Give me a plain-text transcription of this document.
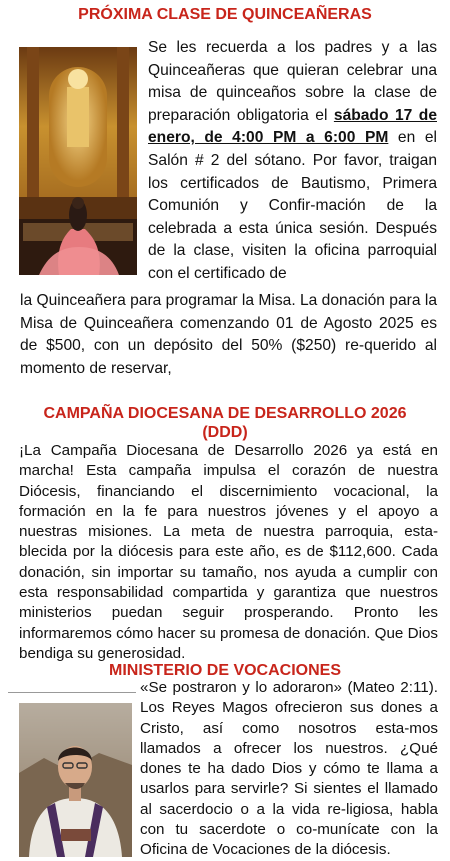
PRÓXIMA CLASE DE QUINCEAÑERAS

Se les recuerda a los padres y a las Quinceañeras que quieran celebrar una misa de quinceaños sobre la clase de preparación obligatoria el sábado 17 de enero, de 4:00 PM a 6:00 PM en el Salón # 2 del sótano. Por favor, traigan los certificados de Bautismo, Primera Comunión y Confir-mación de la celebrada a esta única sesión. Después de la clase, visiten la oficina parroquial con el certificado de

la Quinceañera para programar la Misa. La donación para la Misa de Quinceañera comenzando 01 de Agosto 2025 es de $500, con un depósito del 50% ($250) re-querido al momento de reservar,

CAMPAÑA DIOCESANA DE DESARROLLO 2026
(DDD)

¡La Campaña Diocesana de Desarrollo 2026 ya está en marcha! Esta campaña impulsa el corazón de nuestra Diócesis, financiando el discernimiento vocacional, la formación en la fe para nuestros jóvenes y el apoyo a nuestras misiones. La meta de nuestra parroquia, esta-blecida por la diócesis para este año, es de $112,600. Cada donación, sin importar su tamaño, nos ayuda a cumplir con esta responsabilidad compartida y garantiza que nuestros ministerios puedan seguir prosperando. Pronto les informaremos cómo hacer su promesa de donación. Que Dios bendiga su generosidad.

MINISTERIO DE VOCACIONES

«Se postraron y lo adoraron» (Mateo 2:11). Los Reyes Magos ofrecieron sus dones a Cristo, así como nosotros esta-mos llamados a ofrecer los nuestros. ¿Qué dones te ha dado Dios y cómo te llama a usarlos para servirle? Si sientes el llamado al sacerdocio o a la vida re-ligiosa, habla con tu sacerdote o co-munícate con la Oficina de Vocaciones de la diócesis.
